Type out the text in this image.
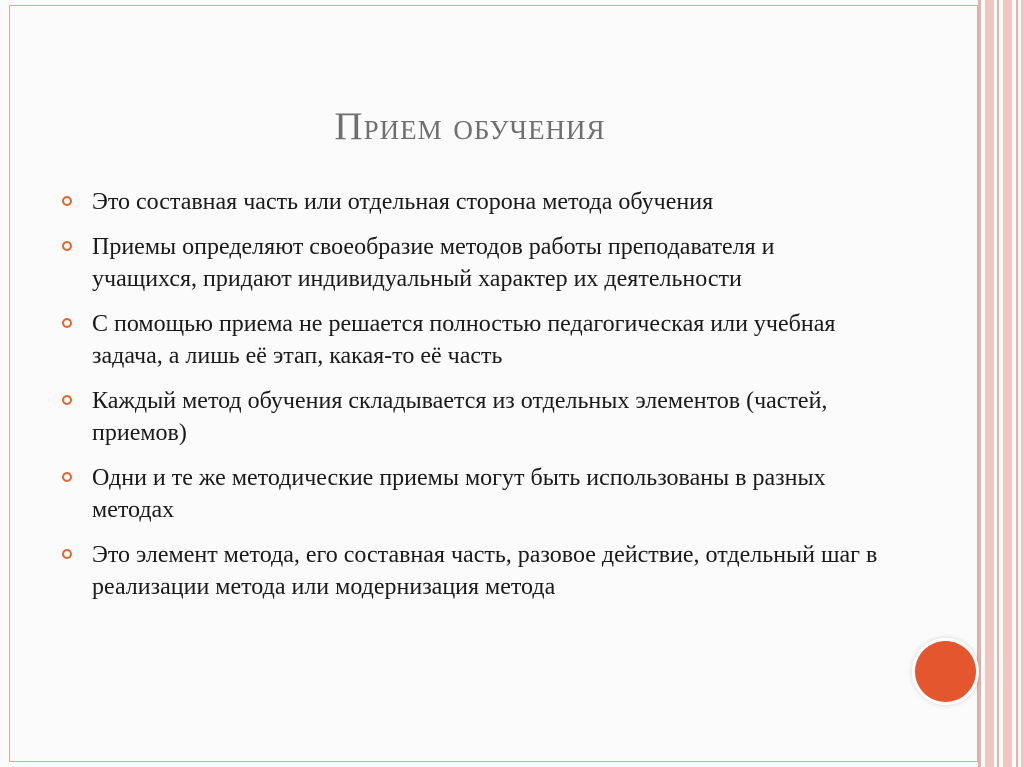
Прием обучения
Это составная часть или отдельная сторона метода обучения
Приемы определяют своеобразие методов работы преподавателя и учащихся, придают индивидуальный характер их деятельности
С помощью приема не решается полностью педагогическая или учебная задача, а лишь её этап, какая-то её часть
Каждый метод обучения складывается из отдельных элементов (частей, приемов)
Одни и те же методические приемы могут быть использованы в разных методах
Это элемент метода, его составная часть, разовое действие, отдельный шаг в реализации метода или модернизация метода
